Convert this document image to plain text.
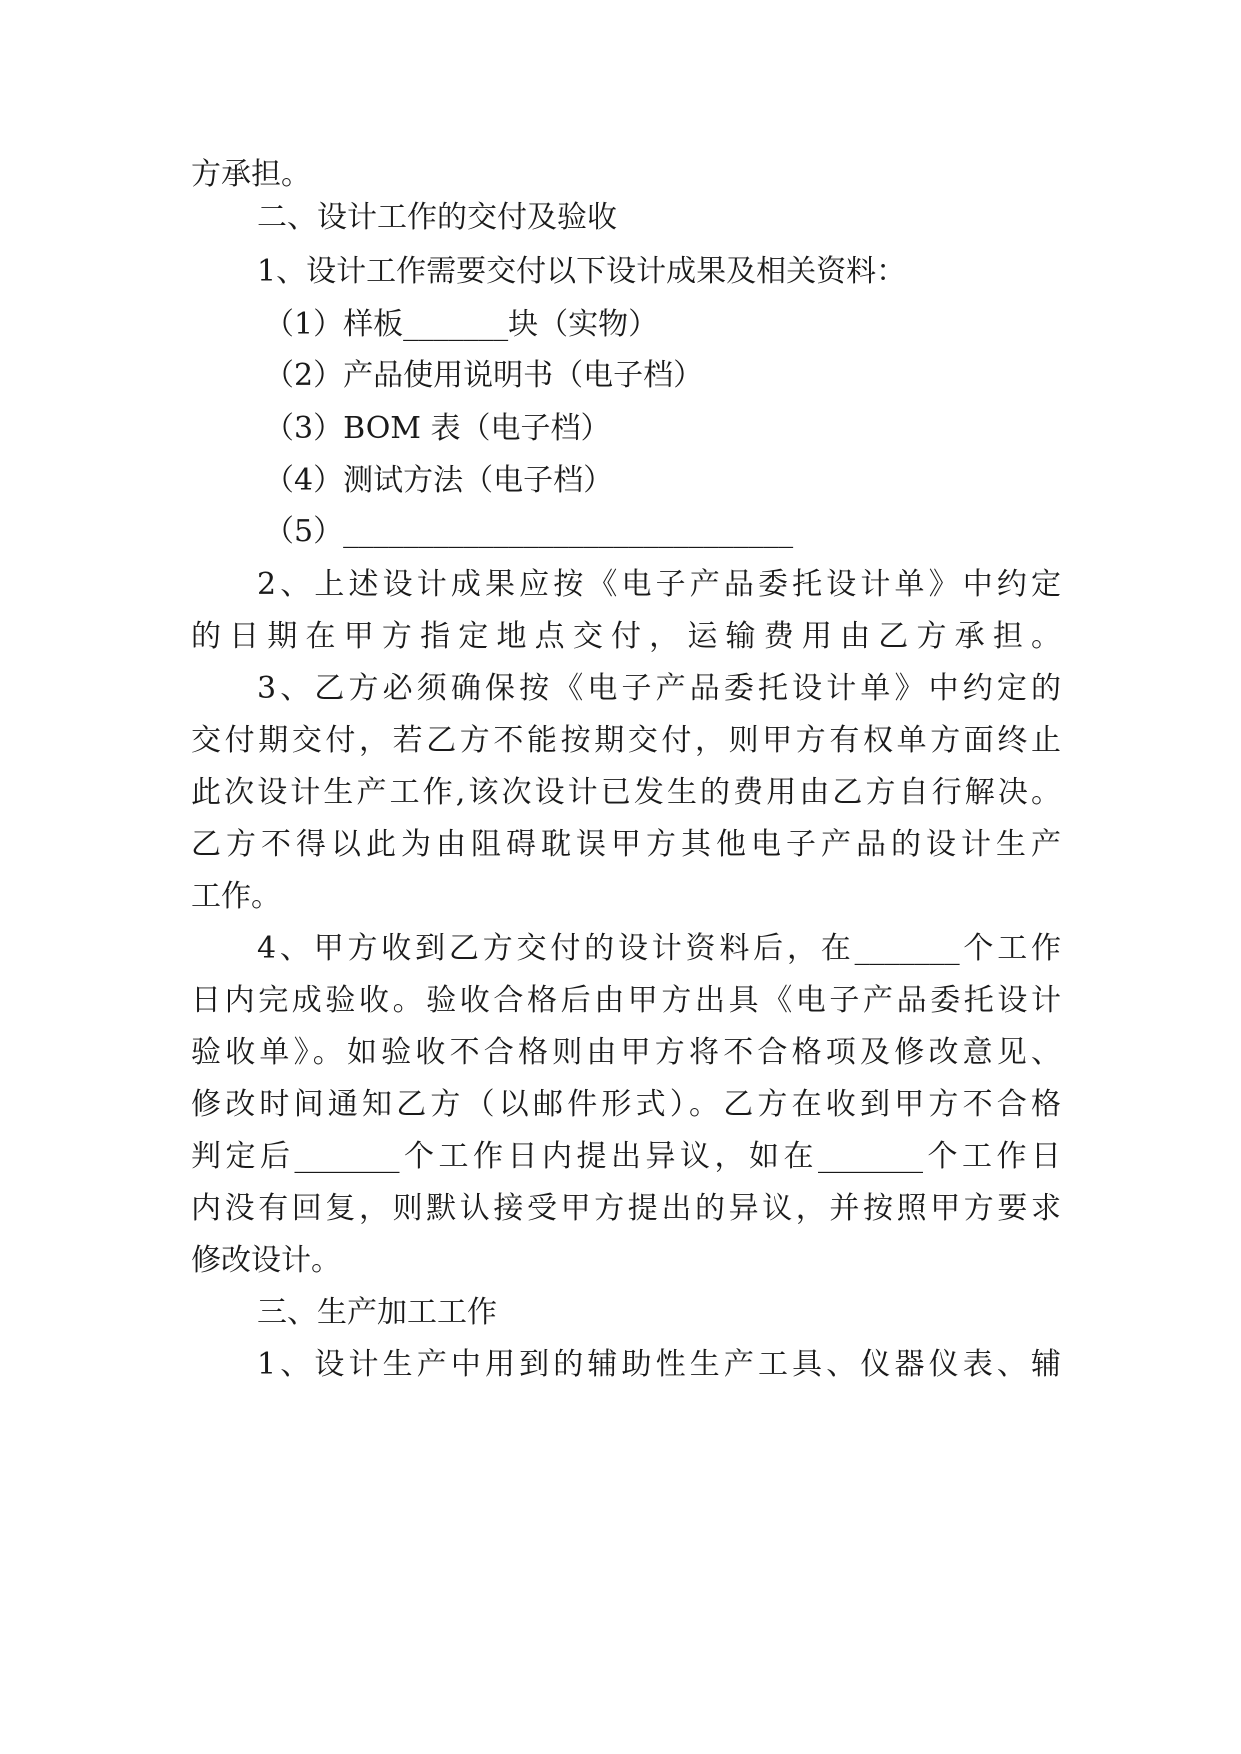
方承担。
二、设计工作的交付及验收
1、设计工作需要交付以下设计成果及相关资料：
（1）样板_______块（实物）
（2）产品使用说明书（电子档）
（3）BOM 表（电子档）
（4）测试方法（电子档）
（5）______________________________
2、上述设计成果应按《电子产品委托设计单》中约定
的日期在甲方指定地点交付，运输费用由乙方承担。
3、乙方必须确保按《电子产品委托设计单》中约定的
交付期交付，若乙方不能按期交付，则甲方有权单方面终止
此次设计生产工作,该次设计已发生的费用由乙方自行解决。
乙方不得以此为由阻碍耽误甲方其他电子产品的设计生产
工作。
4、甲方收到乙方交付的设计资料后，在_______个工作
日内完成验收。验收合格后由甲方出具《电子产品委托设计
验收单》。如验收不合格则由甲方将不合格项及修改意见、
修改时间通知乙方（以邮件形式）。乙方在收到甲方不合格
判定后_______个工作日内提出异议，如在_______个工作日
内没有回复，则默认接受甲方提出的异议，并按照甲方要求
修改设计。
三、生产加工工作
1、设计生产中用到的辅助性生产工具、仪器仪表、辅
